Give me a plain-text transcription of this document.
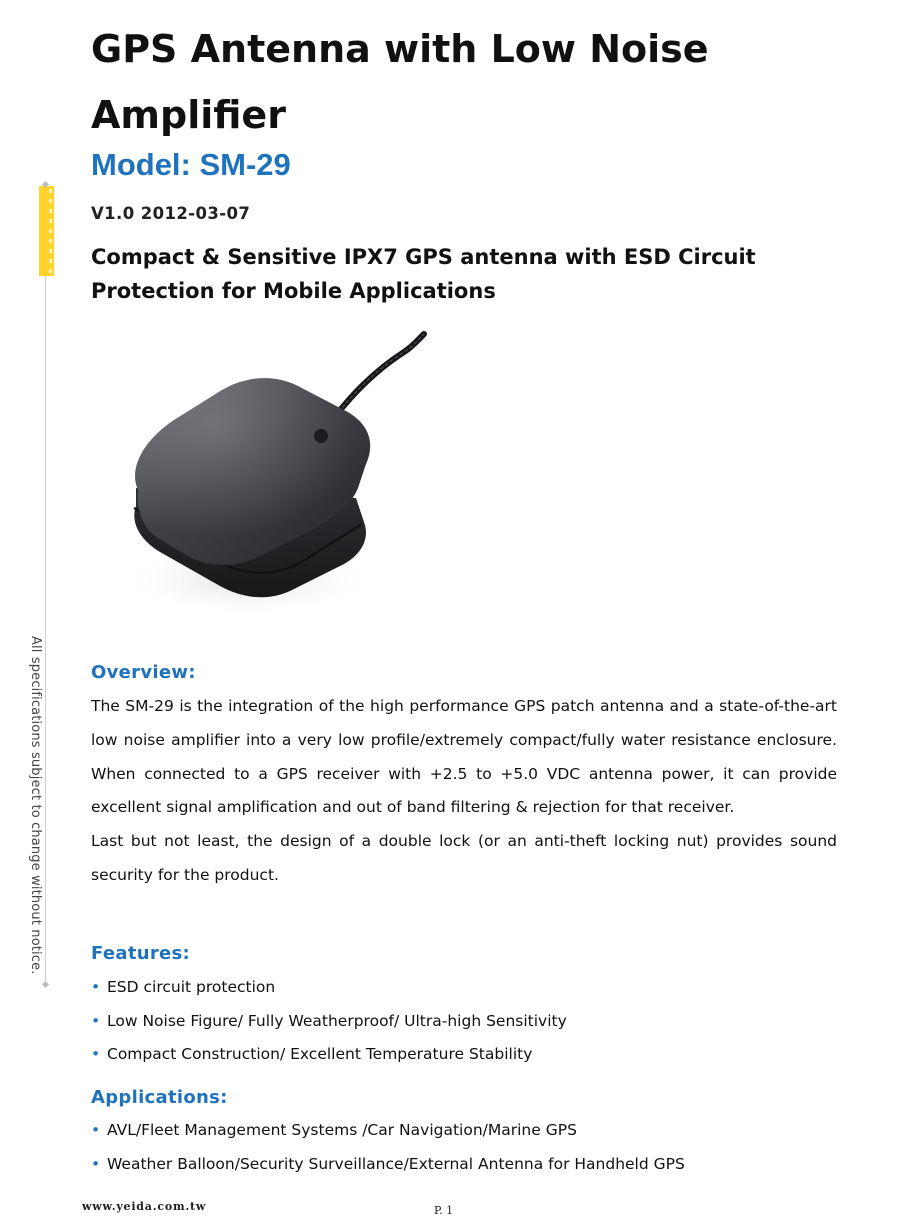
All specifications subject to change without notice.
GPS Antenna with Low Noise Amplifier
Model: SM-29
V1.0 2012-03-07
Compact & Sensitive IPX7 GPS antenna with ESD Circuit Protection for Mobile Applications
Overview:
The SM-29 is the integration of the high performance GPS patch antenna and a state-of-the-art low noise amplifier into a very low profile/extremely compact/fully water resistance enclosure. When connected to a GPS receiver with +2.5 to +5.0 VDC antenna power, it can provide excellent signal amplification and out of band filtering & rejection for that receiver.
Last but not least, the design of a double lock (or an anti-theft locking nut) provides sound security for the product.
Features:
• ESD circuit protection
• Low Noise Figure/ Fully Weatherproof/ Ultra-high Sensitivity
• Compact Construction/ Excellent Temperature Stability
Applications:
• AVL/Fleet Management Systems /Car Navigation/Marine GPS
• Weather Balloon/Security Surveillance/External Antenna for Handheld GPS
www.yeida.com.tw	P. 1
